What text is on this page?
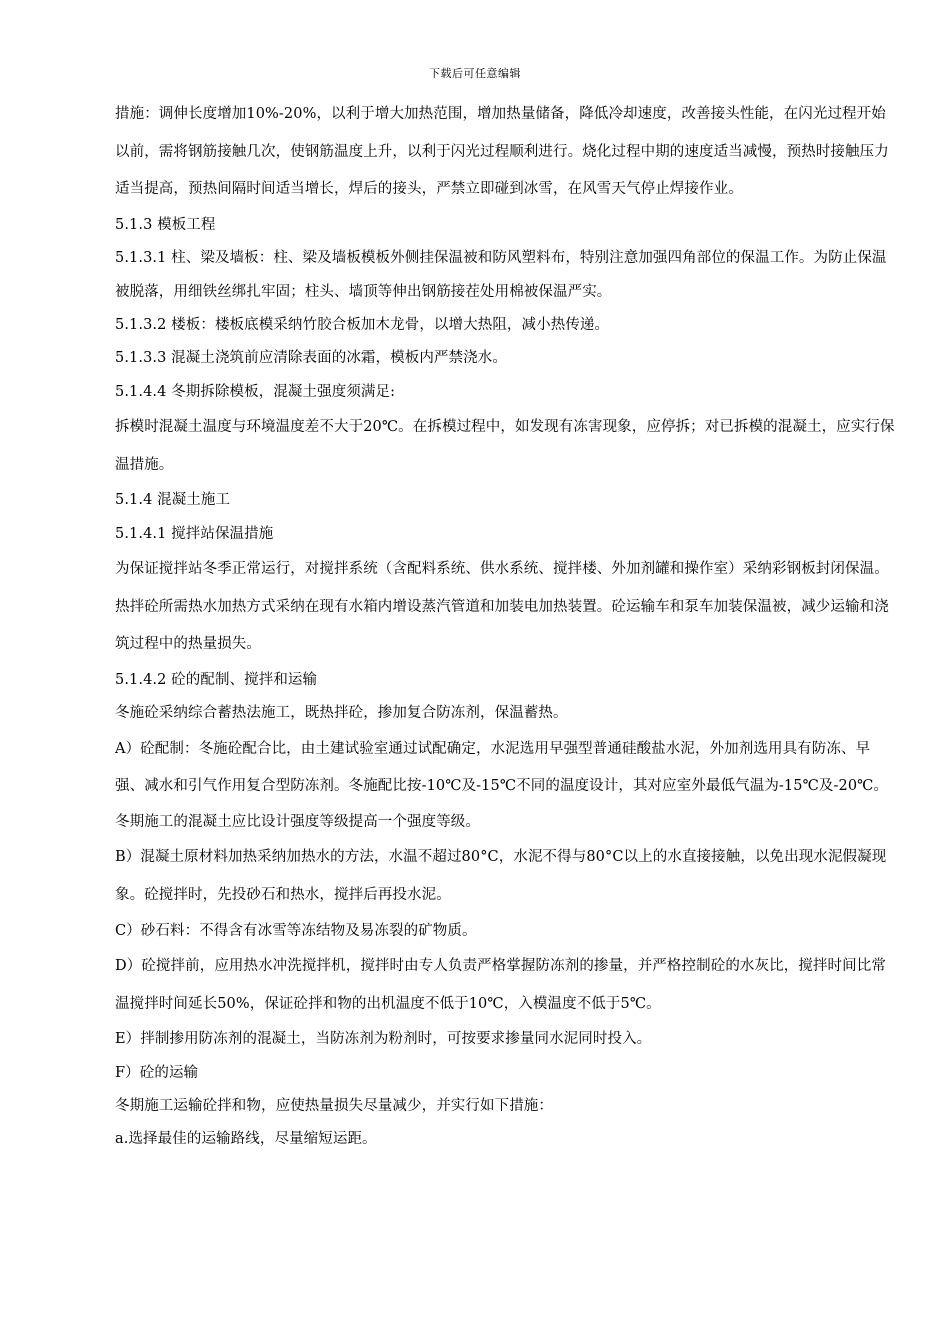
下载后可任意编辑

措施：调伸长度增加10%-20%，以利于增大加热范围，增加热量储备，降低冷却速度，改善接头性能，在闪光过程开始以前，需将钢筋接触几次，使钢筋温度上升，以利于闪光过程顺利进行。烧化过程中期的速度适当减慢，预热时接触压力适当提高，预热间隔时间适当增长，焊后的接头，严禁立即碰到冰雪，在风雪天气停止焊接作业。

5.1.3 模板工程

5.1.3.1 柱、梁及墙板：柱、梁及墙板模板外侧挂保温被和防风塑料布，特别注意加强四角部位的保温工作。为防止保温被脱落，用细铁丝绑扎牢固；柱头、墙顶等伸出钢筋接茬处用棉被保温严实。

5.1.3.2 楼板：楼板底模采纳竹胶合板加木龙骨，以增大热阻，减小热传递。

5.1.3.3 混凝土浇筑前应清除表面的冰霜，模板内严禁浇水。

5.1.4.4 冬期拆除模板，混凝土强度须满足:

拆模时混凝土温度与环境温度差不大于20℃。在拆模过程中，如发现有冻害现象，应停拆；对已拆模的混凝土，应实行保温措施。

5.1.4 混凝土施工

5.1.4.1 搅拌站保温措施

为保证搅拌站冬季正常运行，对搅拌系统（含配料系统、供水系统、搅拌楼、外加剂罐和操作室）采纳彩钢板封闭保温。热拌砼所需热水加热方式采纳在现有水箱内增设蒸汽管道和加装电加热装置。砼运输车和泵车加装保温被，减少运输和浇筑过程中的热量损失。

5.1.4.2 砼的配制、搅拌和运输

冬施砼采纳综合蓄热法施工，既热拌砼，掺加复合防冻剂，保温蓄热。

A）砼配制：冬施砼配合比，由土建试验室通过试配确定，水泥选用早强型普通硅酸盐水泥，外加剂选用具有防冻、早强、减水和引气作用复合型防冻剂。冬施配比按-10℃及-15℃不同的温度设计，其对应室外最低气温为-15℃及-20℃。

冬期施工的混凝土应比设计强度等级提高一个强度等级。

B）混凝土原材料加热采纳加热水的方法，水温不超过80°C，水泥不得与80°C以上的水直接接触，以免出现水泥假凝现象。砼搅拌时，先投砂石和热水，搅拌后再投水泥。

C）砂石料：不得含有冰雪等冻结物及易冻裂的矿物质。

D）砼搅拌前，应用热水冲洗搅拌机，搅拌时由专人负责严格掌握防冻剂的掺量，并严格控制砼的水灰比，搅拌时间比常温搅拌时间延长50%，保证砼拌和物的出机温度不低于10℃，入模温度不低于5℃。

E）拌制掺用防冻剂的混凝土，当防冻剂为粉剂时，可按要求掺量同水泥同时投入。

F）砼的运输

冬期施工运输砼拌和物，应使热量损失尽量减少，并实行如下措施：

a.选择最佳的运输路线，尽量缩短运距。
